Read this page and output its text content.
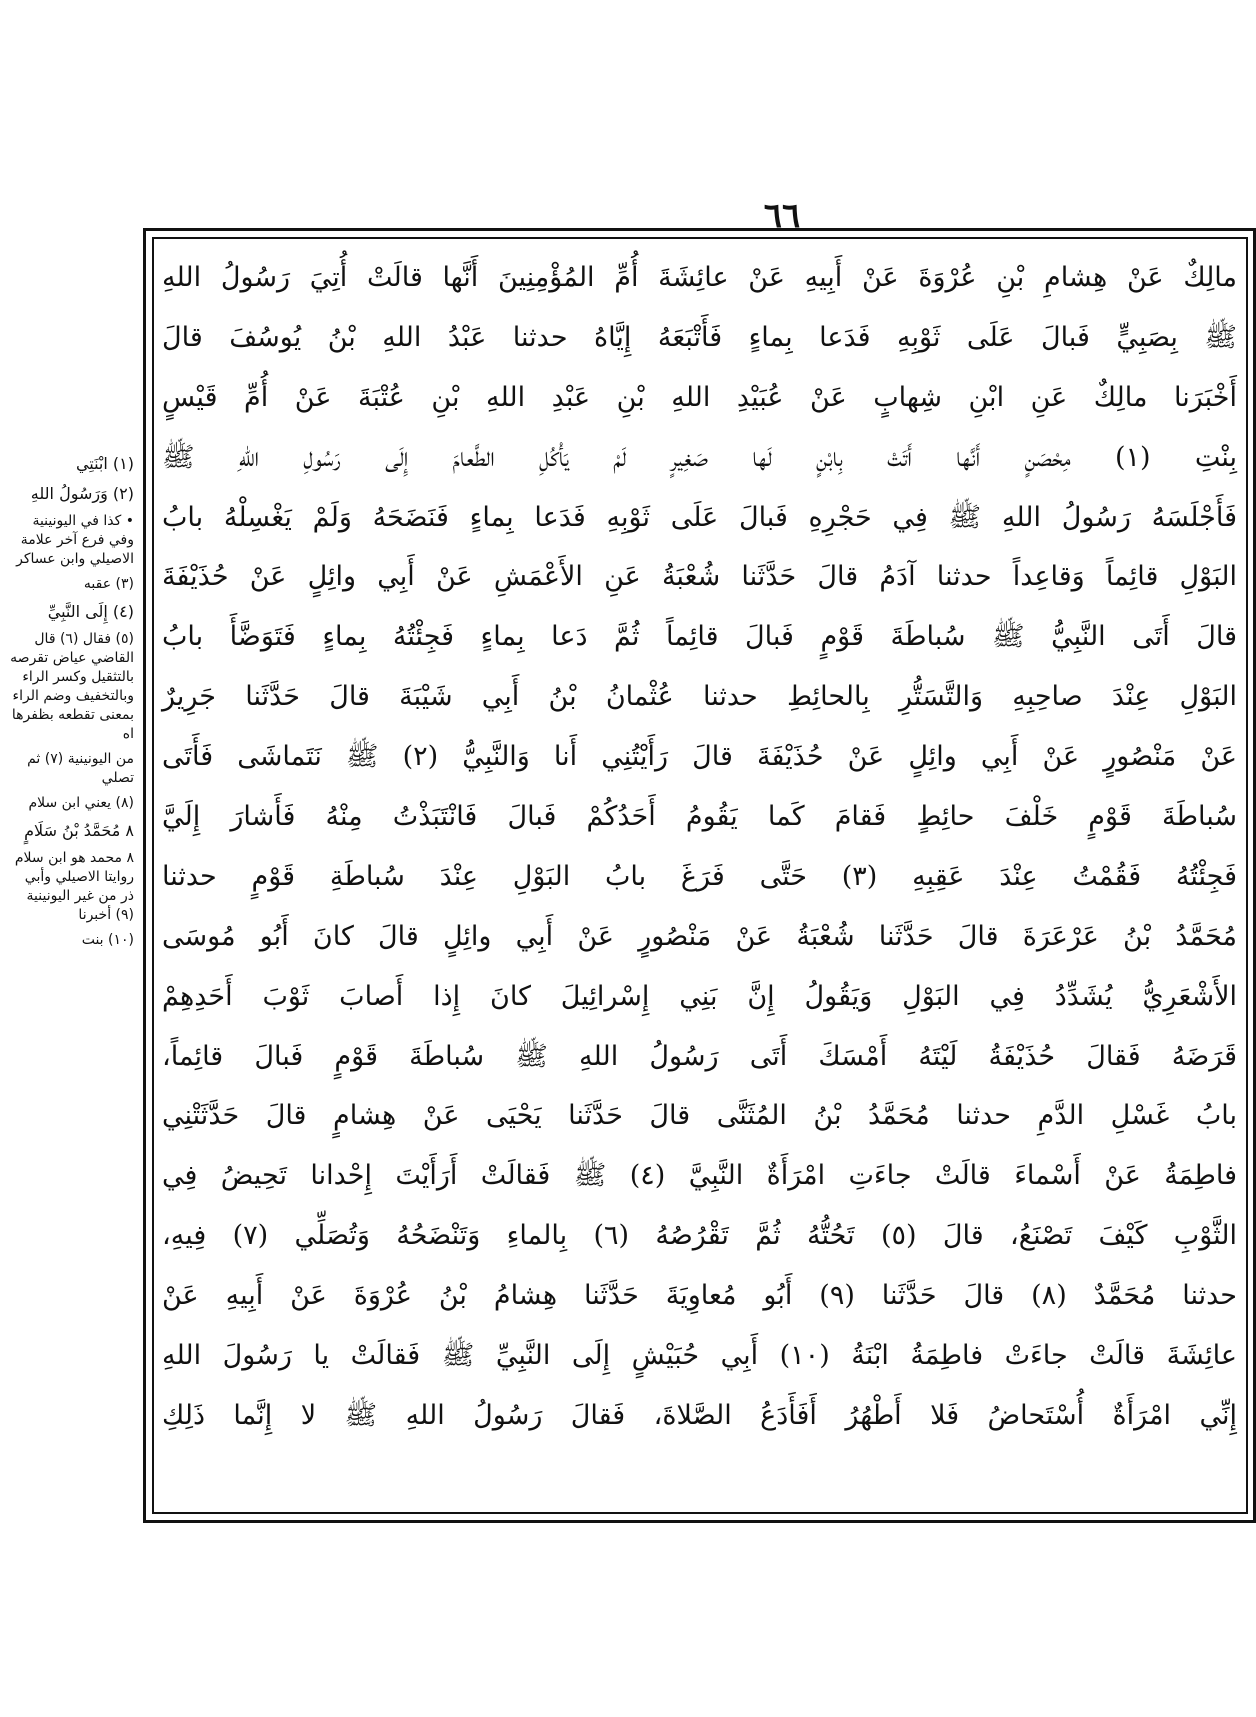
٦٦
مالِكٌ عَنْ هِشامِ بْنِ عُرْوَةَ عَنْ أَبِيهِ عَنْ عائِشَةَ أُمِّ المُؤْمِنِينَ أَنَّها قالَتْ أُتِيَ رَسُولُ اللهِ
ﷺ بِصَبِيٍّ فَبالَ عَلَى ثَوْبِهِ فَدَعا بِماءٍ فَأَتْبَعَهُ إِيَّاهُ حدثنا عَبْدُ اللهِ بْنُ يُوسُفَ قالَ
أَخْبَرَنا مالِكٌ عَنِ ابْنِ شِهابٍ عَنْ عُبَيْدِ اللهِ بْنِ عَبْدِ اللهِ بْنِ عُتْبَةَ عَنْ أُمِّ قَيْسٍ
بِنْتِ (١) مِحْصَنٍ أَنَّها أَتَتْ بِابْنٍ لَها صَغِيرٍ لَمْ يَأْكُلِ الطَّعامَ إِلَى رَسُولِ اللهِ ﷺ
فَأَجْلَسَهُ رَسُولُ اللهِ ﷺ فِي حَجْرِهِ فَبالَ عَلَى ثَوْبِهِ فَدَعا بِماءٍ فَنَضَحَهُ وَلَمْ يَغْسِلْهُ بابُ
البَوْلِ قائِماً وَقاعِداً حدثنا آدَمُ قالَ حَدَّثَنا شُعْبَةُ عَنِ الأَعْمَشِ عَنْ أَبِي وائِلٍ عَنْ حُذَيْفَةَ
قالَ أَتَى النَّبِيُّ ﷺ سُباطَةَ قَوْمٍ فَبالَ قائِماً ثُمَّ دَعا بِماءٍ فَجِئْتُهُ بِماءٍ فَتَوَضَّأَ بابُ
البَوْلِ عِنْدَ صاحِبِهِ وَالتَّسَتُّرِ بِالحائِطِ حدثنا عُثْمانُ بْنُ أَبِي شَيْبَةَ قالَ حَدَّثَنا جَرِيرٌ
عَنْ مَنْصُورٍ عَنْ أَبِي وائِلٍ عَنْ حُذَيْفَةَ قالَ رَأَيْتُنِي أَنا وَالنَّبِيُّ (٢) ﷺ نَتَماشَى فَأَتَى
سُباطَةَ قَوْمٍ خَلْفَ حائِطٍ فَقامَ كَما يَقُومُ أَحَدُكُمْ فَبالَ فَانْتَبَذْتُ مِنْهُ فَأَشارَ إِلَيَّ
فَجِئْتُهُ فَقُمْتُ عِنْدَ عَقِبِهِ (٣) حَتَّى فَرَغَ بابُ البَوْلِ عِنْدَ سُباطَةِ قَوْمٍ حدثنا
مُحَمَّدُ بْنُ عَرْعَرَةَ قالَ حَدَّثَنا شُعْبَةُ عَنْ مَنْصُورٍ عَنْ أَبِي وائِلٍ قالَ كانَ أَبُو مُوسَى
الأَشْعَرِيُّ يُشَدِّدُ فِي البَوْلِ وَيَقُولُ إِنَّ بَنِي إِسْرائِيلَ كانَ إِذا أَصابَ ثَوْبَ أَحَدِهِمْ
قَرَضَهُ فَقالَ حُذَيْفَةُ لَيْتَهُ أَمْسَكَ أَتَى رَسُولُ اللهِ ﷺ سُباطَةَ قَوْمٍ فَبالَ قائِماً،
بابُ غَسْلِ الدَّمِ حدثنا مُحَمَّدُ بْنُ المُثَنَّى قالَ حَدَّثَنا يَحْيَى عَنْ هِشامٍ قالَ حَدَّثَتْنِي
فاطِمَةُ عَنْ أَسْماءَ قالَتْ جاءَتِ امْرَأَةٌ النَّبِيَّ (٤) ﷺ فَقالَتْ أَرَأَيْتَ إِحْدانا تَحِيضُ فِي
الثَّوْبِ كَيْفَ تَصْنَعُ، قالَ (٥) تَحُتُّهُ ثُمَّ تَقْرُصُهُ (٦) بِالماءِ وَتَنْضَحُهُ وَتُصَلِّي (٧) فِيهِ،
حدثنا مُحَمَّدٌ (٨) قالَ حَدَّثَنا (٩) أَبُو مُعاوِيَةَ حَدَّثَنا هِشامُ بْنُ عُرْوَةَ عَنْ أَبِيهِ عَنْ
عائِشَةَ قالَتْ جاءَتْ فاطِمَةُ ابْنَةُ (١٠) أَبِي حُبَيْشٍ إِلَى النَّبِيِّ ﷺ فَقالَتْ يا رَسُولَ اللهِ
إِنِّي امْرَأَةٌ أُسْتَحاضُ فَلا أَطْهُرُ أَفَأَدَعُ الصَّلاةَ، فَقالَ رَسُولُ اللهِ ﷺ لا إِنَّما ذَلِكِ
(١) ابْنَتِي
(٢) وَرَسُولُ اللهِ
• كذا في اليونينية وفي فرع آخر علامة الاصيلي وابن عساكر
(٣) عقبه
(٤) إِلَى النَّبِيِّ
(٥) فقال (٦) قال القاضي عياض تقرصه بالتثقيل وكسر الراء وبالتخفيف وضم الراء بمعنى تقطعه بظفرها اه
من اليونينية (٧) ثم تصلي
(٨) يعني ابن سلام
٨ مُحَمَّدُ بْنُ سَلَامٍ
٨ محمد هو ابن سلام روايتا الاصيلي وأبي ذر من غير اليونينية (٩) أخبرنا
(١٠) بنت
